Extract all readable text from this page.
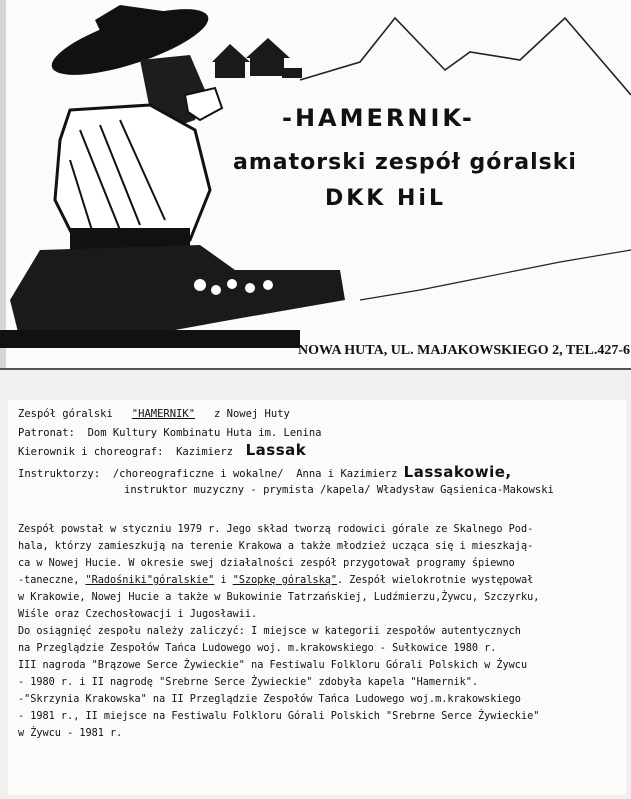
-HAMERNIK-
amatorski zespół góralski
DKK HiL
NOWA HUTA, UL. MAJAKOWSKIEGO 2, TEL.427-6
Zespół góralski "HAMERNIK" z Nowej Huty
Patronat: Dom Kultury Kombinatu Huta im. Lenina
Kierownik i choreograf: Kazimierz Lassak
Instruktorzy: /choreograficzne i wokalne/ Anna i Kazimierz Lassakowie,
instruktor muzyczny - prymista /kapela/ Władysław Gąsienica-Makowski
Zespół powstał w styczniu 1979 r. Jego skład tworzą rodowici górale ze Skalnego Pod-
hala, którzy zamieszkują na terenie Krakowa a także młodzież ucząca się i mieszkają-
ca w Nowej Hucie. W okresie swej działalności zespół przygotował programy śpiewno
-taneczne, "Radośniki"góralskie" i "Szopkę góralską". Zespół wielokrotnie występował
w Krakowie, Nowej Hucie a także w Bukowinie Tatrzańskiej, Ludźmierzu,Żywcu, Szczyrku,
Wiśle oraz Czechosłowacji i Jugosławii.
Do osiągnięć zespołu należy zaliczyć: I miejsce w kategorii zespołów autentycznych
na Przeglądzie Zespołów Tańca Ludowego woj. m.krakowskiego - Sułkowice 1980 r.
III nagroda "Brązowe Serce Żywieckie" na Festiwalu Folkloru Górali Polskich w Żywcu
- 1980 r. i II nagrodę "Srebrne Serce Żywieckie" zdobyła kapela "Hamernik".
-"Skrzynia Krakowska" na II Przeglądzie Zespołów Tańca Ludowego woj.m.krakowskiego
- 1981 r., II miejsce na Festiwalu Folkloru Górali Polskich "Srebrne Serce Żywieckie"
w Żywcu - 1981 r.
